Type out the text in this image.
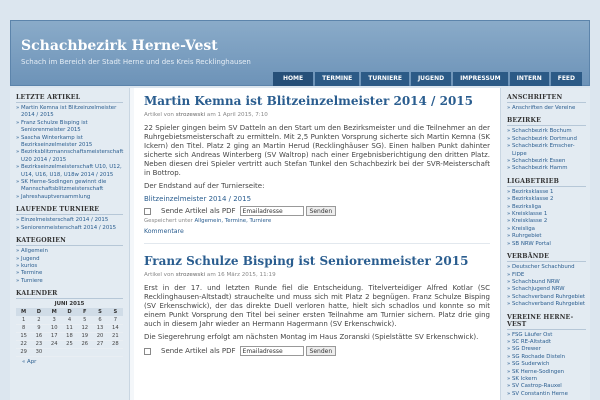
Schachbezirk Herne-Vest
Schach im Bereich der Stadt Herne und des Kreis Recklinghausen
HOME	TERMINE	TURNIERE	JUGEND	IMPRESSUM	INTERN	FEED
LETZTE ARTIKEL
» Martin Kemna ist Blitzeinzelmeister 2014 / 2015
» Franz Schulze Bisping ist Seniorenmeister 2015
» Sascha Winterkamp ist Bezirkseinzelmeister 2015
» Bezirksblitzmannschaftsmeisterschaft U20 2014 / 2015
» Bezirkseinzelmeisterschaft U10, U12, U14, U16, U18, U18w 2014 / 2015
» SK Herne-Sodingen gewinnt die Mannschaftsblitzmeisterschaft
» Jahreshauptversammlung
LAUFENDE TURNIERE
» Einzelmeisterschaft 2014 / 2015
» Seniorenmeisterschaft 2014 / 2015
KATEGORIEN
» Allgemein
» Jugend
» kurios
» Termine
» Turniere
KALENDER
JUNI 2015
M	D	M	D	F	S	S
1	2	3	4	5	6	7
8	9	10	11	12	13	14
15	16	17	18	19	20	21
22	23	24	25	26	27	28
29	30					
« Apr
Martin Kemna ist Blitzeinzelmeister 2014 / 2015
Artikel von strozewski am 1 April 2015, 7:10

22 Spieler gingen beim SV Datteln an den Start um den Bezirksmeister und die Teilnehmer an der Ruhrgebietsmeisterschaft zu ermitteln. Mit 2,5 Punkten Vorsprung sicherte sich Martin Kemna (SK Ickern) den Titel. Platz 2 ging an Martin Herud (Recklinghäuser SG). Einen halben Punkt dahinter sicherte sich Andreas Winterberg (SV Waltrop) nach einer Ergebnisberichtigung den dritten Platz. Neben diesen drei Spieler vertritt auch Stefan Tunkel den Schachbezirk bei der SVR-Meisterschaft in Bottrop.

Der Endstand auf der Turnierseite:

Blitzeinzelmeister 2014 / 2015
Sende Artikel als PDF
Emailadresse	Senden
Gespeichert unter Allgemein, Termine, Turniere
Kommentare
Franz Schulze Bisping ist Seniorenmeister 2015
Artikel von strozewski am 16 März 2015, 11:19

Erst in der 17. und letzten Runde fiel die Entscheidung. Titelverteidiger Alfred Kotlar (SC Recklinghausen-Altstadt) strauchelte und muss sich mit Platz 2 begnügen. Franz Schulze Bisping (SV Erkenschwick), der das direkte Duell verloren hatte, hielt sich schadlos und konnte so mit einem Punkt Vorsprung den Titel bei seiner ersten Teilnahme am Turnier sichern. Platz drie ging auch in diesem Jahr wieder an Hermann Hagermann (SV Erkenschwick).

Die Siegerehrung erfolgt am nächsten Montag im Haus Zoranski (Spielstätte SV Erkenschwick).

Sende Artikel als PDF
Emailadresse	Senden
ANSCHRIFTEN
» Anschriften der Vereine
BEZIRKE
» Schachbezirk Bochum
» Schachbezirk Dortmund
» Schachbezirk Emscher-Lippe
» Schachbezirk Essen
» Schachbezirk Hamm
LIGABETRIEB
» Bezirksklasse 1
» Bezirksklasse 2
» Bezirksliga
» Kreisklasse 1
» Kreisklasse 2
» Kreisliga
» Ruhrgebiet
» SB NRW Portal
VERBÄNDE
» Deutscher Schachbund
» FIDE
» Schachbund NRW
» Schachjugend NRW
» Schachverband Ruhrgebiet
» Schachverband Ruhrgebiet
VEREINE HERNE-VEST
» FSG Läufer Ost
» SC RE-Altstadt
» SG Drewer
» SG Rochade Disteln
» SG Suderwich
» SK Herne-Sodingen
» SK Ickern
» SV Castrop-Rauxel
» SV Constantin Herne
